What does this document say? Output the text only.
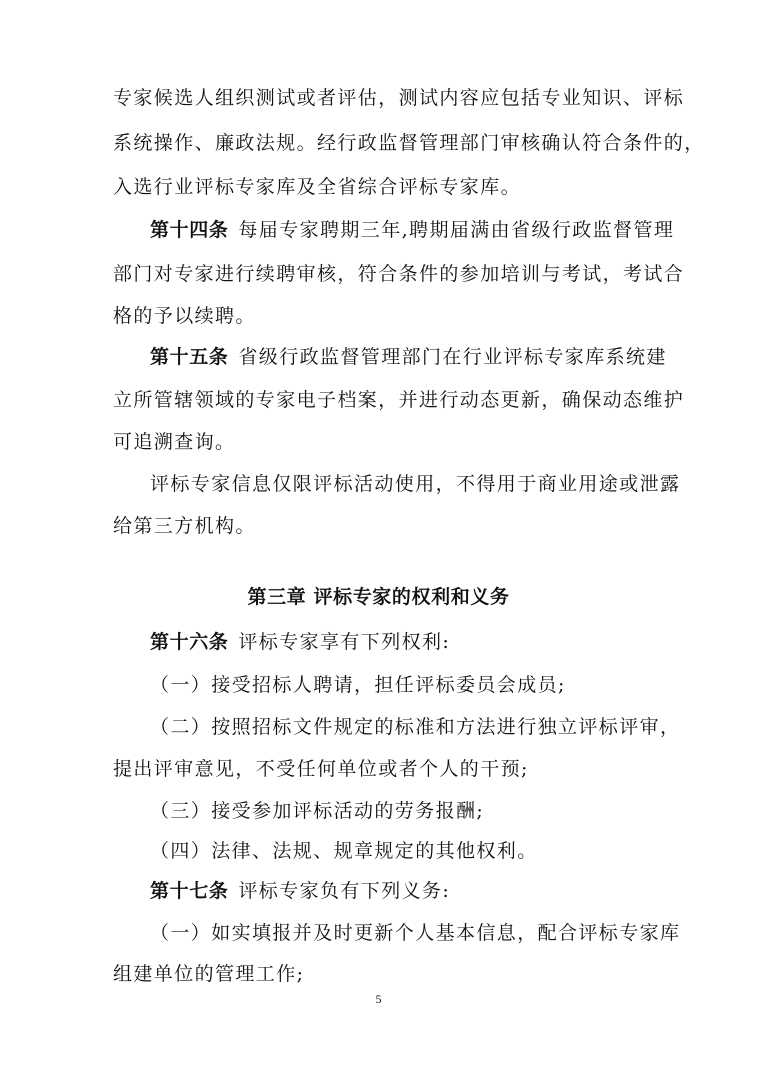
专家候选人组织测试或者评估，测试内容应包括专业知识、评标
系统操作、廉政法规。经行政监督管理部门审核确认符合条件的，
入选行业评标专家库及全省综合评标专家库。
第十四条 每届专家聘期三年,聘期届满由省级行政监督管理
部门对专家进行续聘审核，符合条件的参加培训与考试，考试合
格的予以续聘。
第十五条 省级行政监督管理部门在行业评标专家库系统建
立所管辖领域的专家电子档案，并进行动态更新，确保动态维护
可追溯查询。
评标专家信息仅限评标活动使用，不得用于商业用途或泄露
给第三方机构。
第三章 评标专家的权利和义务
第十六条 评标专家享有下列权利:
（一）接受招标人聘请，担任评标委员会成员;
（二）按照招标文件规定的标准和方法进行独立评标评审，
提出评审意见，不受任何单位或者个人的干预;
（三）接受参加评标活动的劳务报酬;
（四）法律、法规、规章规定的其他权利。
第十七条 评标专家负有下列义务:
（一）如实填报并及时更新个人基本信息，配合评标专家库
组建单位的管理工作;
5
